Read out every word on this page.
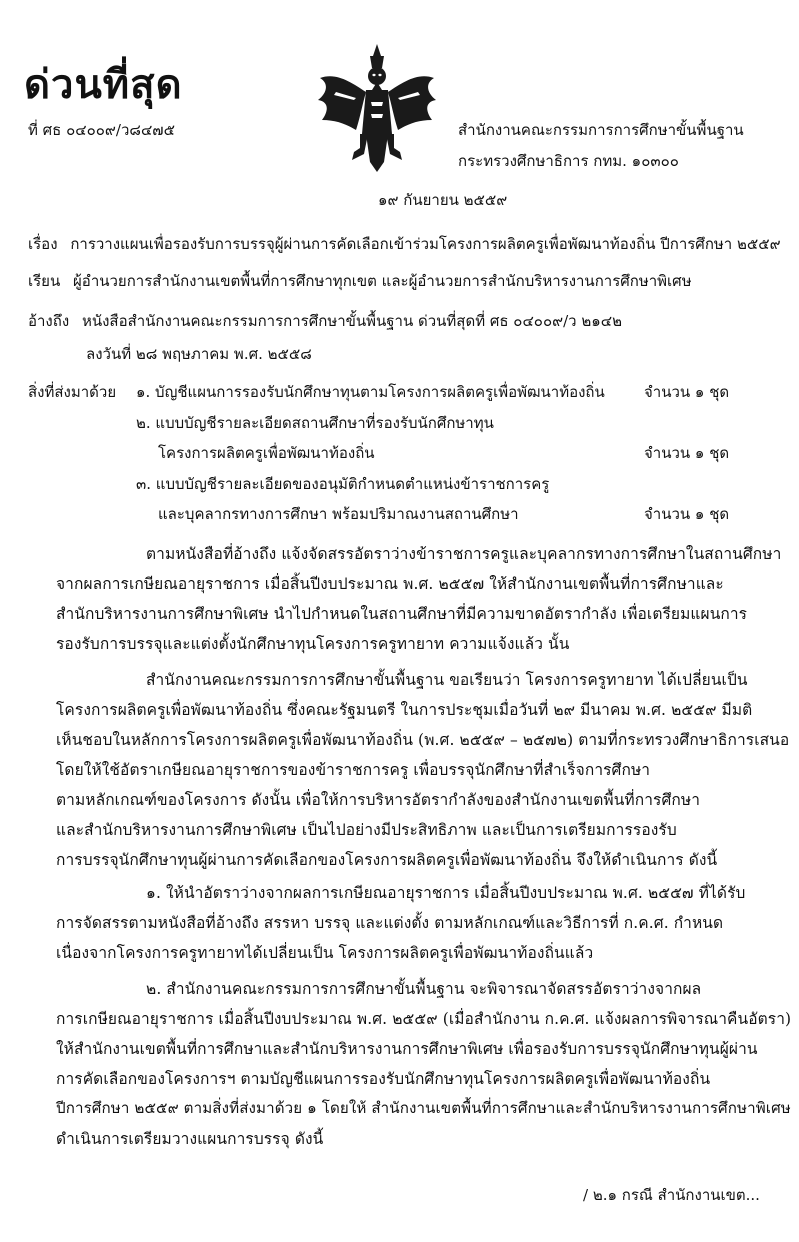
ด่วนที่สุด
ที่ ศธ ๐๔๐๐๙/ว๘๔๗๕	สำนักงานคณะกรรมการการศึกษาขั้นพื้นฐาน
กระทรวงศึกษาธิการ กทม. ๑๐๓๐๐
๑๙ กันยายน ๒๕๕๙
เรื่อง การวางแผนเพื่อรองรับการบรรจุผู้ผ่านการคัดเลือกเข้าร่วมโครงการผลิตครูเพื่อพัฒนาท้องถิ่น ปีการศึกษา ๒๕๕๙
เรียน ผู้อำนวยการสำนักงานเขตพื้นที่การศึกษาทุกเขต และผู้อำนวยการสำนักบริหารงานการศึกษาพิเศษ
อ้างถึง หนังสือสำนักงานคณะกรรมการการศึกษาขั้นพื้นฐาน ด่วนที่สุดที่ ศธ ๐๔๐๐๙/ว ๒๑๔๒
ลงวันที่ ๒๘ พฤษภาคม พ.ศ. ๒๕๕๘
สิ่งที่ส่งมาด้วย ๑. บัญชีแผนการรองรับนักศึกษาทุนตามโครงการผลิตครูเพื่อพัฒนาท้องถิ่น	จำนวน ๑ ชุด
๒. แบบบัญชีรายละเอียดสถานศึกษาที่รองรับนักศึกษาทุน
โครงการผลิตครูเพื่อพัฒนาท้องถิ่น	จำนวน ๑ ชุด
๓. แบบบัญชีรายละเอียดของอนุมัติกำหนดตำแหน่งข้าราชการครู
และบุคลากรทางการศึกษา พร้อมปริมาณงานสถานศึกษา	จำนวน ๑ ชุด
ตามหนังสือที่อ้างถึง แจ้งจัดสรรอัตราว่างข้าราชการครูและบุคลากรทางการศึกษาในสถานศึกษา
จากผลการเกษียณอายุราชการ เมื่อสิ้นปีงบประมาณ พ.ศ. ๒๕๕๗ ให้สำนักงานเขตพื้นที่การศึกษาและ
สำนักบริหารงานการศึกษาพิเศษ นำไปกำหนดในสถานศึกษาที่มีความขาดอัตรากำลัง เพื่อเตรียมแผนการ
รองรับการบรรจุและแต่งตั้งนักศึกษาทุนโครงการครูทายาท ความแจ้งแล้ว นั้น
สำนักงานคณะกรรมการการศึกษาขั้นพื้นฐาน ขอเรียนว่า โครงการครูทายาท ได้เปลี่ยนเป็น
โครงการผลิตครูเพื่อพัฒนาท้องถิ่น ซึ่งคณะรัฐมนตรี ในการประชุมเมื่อวันที่ ๒๙ มีนาคม พ.ศ. ๒๕๕๙ มีมติ
เห็นชอบในหลักการโครงการผลิตครูเพื่อพัฒนาท้องถิ่น (พ.ศ. ๒๕๕๙ – ๒๕๗๒) ตามที่กระทรวงศึกษาธิการเสนอ
โดยให้ใช้อัตราเกษียณอายุราชการของข้าราชการครู เพื่อบรรจุนักศึกษาที่สำเร็จการศึกษา
ตามหลักเกณฑ์ของโครงการ ดังนั้น เพื่อให้การบริหารอัตรากำลังของสำนักงานเขตพื้นที่การศึกษา
และสำนักบริหารงานการศึกษาพิเศษ เป็นไปอย่างมีประสิทธิภาพ และเป็นการเตรียมการรองรับ
การบรรจุนักศึกษาทุนผู้ผ่านการคัดเลือกของโครงการผลิตครูเพื่อพัฒนาท้องถิ่น จึงให้ดำเนินการ ดังนี้
๑. ให้นำอัตราว่างจากผลการเกษียณอายุราชการ เมื่อสิ้นปีงบประมาณ พ.ศ. ๒๕๕๗ ที่ได้รับ
การจัดสรรตามหนังสือที่อ้างถึง สรรหา บรรจุ และแต่งตั้ง ตามหลักเกณฑ์และวิธีการที่ ก.ค.ศ. กำหนด
เนื่องจากโครงการครูทายาทได้เปลี่ยนเป็น โครงการผลิตครูเพื่อพัฒนาท้องถิ่นแล้ว
๒. สำนักงานคณะกรรมการการศึกษาขั้นพื้นฐาน จะพิจารณาจัดสรรอัตราว่างจากผล
การเกษียณอายุราชการ เมื่อสิ้นปีงบประมาณ พ.ศ. ๒๕๕๙ (เมื่อสำนักงาน ก.ค.ศ. แจ้งผลการพิจารณาคืนอัตรา)
ให้สำนักงานเขตพื้นที่การศึกษาและสำนักบริหารงานการศึกษาพิเศษ เพื่อรองรับการบรรจุนักศึกษาทุนผู้ผ่าน
การคัดเลือกของโครงการฯ ตามบัญชีแผนการรองรับนักศึกษาทุนโครงการผลิตครูเพื่อพัฒนาท้องถิ่น
ปีการศึกษา ๒๕๕๙ ตามสิ่งที่ส่งมาด้วย ๑ โดยให้ สำนักงานเขตพื้นที่การศึกษาและสำนักบริหารงานการศึกษาพิเศษ
ดำเนินการเตรียมวางแผนการบรรจุ ดังนี้
/ ๒.๑ กรณี สำนักงานเขต...
